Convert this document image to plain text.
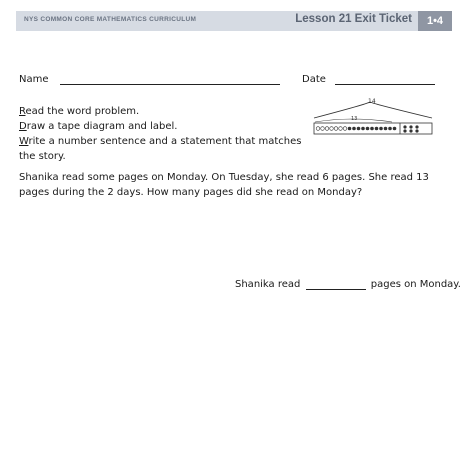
NYS COMMON CORE MATHEMATICS CURRICULUM	Lesson 21 Exit Ticket	1•4
Name	Date
Read the word problem.
Draw a tape diagram and label.
Write a number sentence and a statement that matches
the story.
14
13
Shanika read some pages on Monday. On Tuesday, she read 6 pages. She read 13 pages during the 2 days. How many pages did she read on Monday?
Shanika read	pages on Monday.
